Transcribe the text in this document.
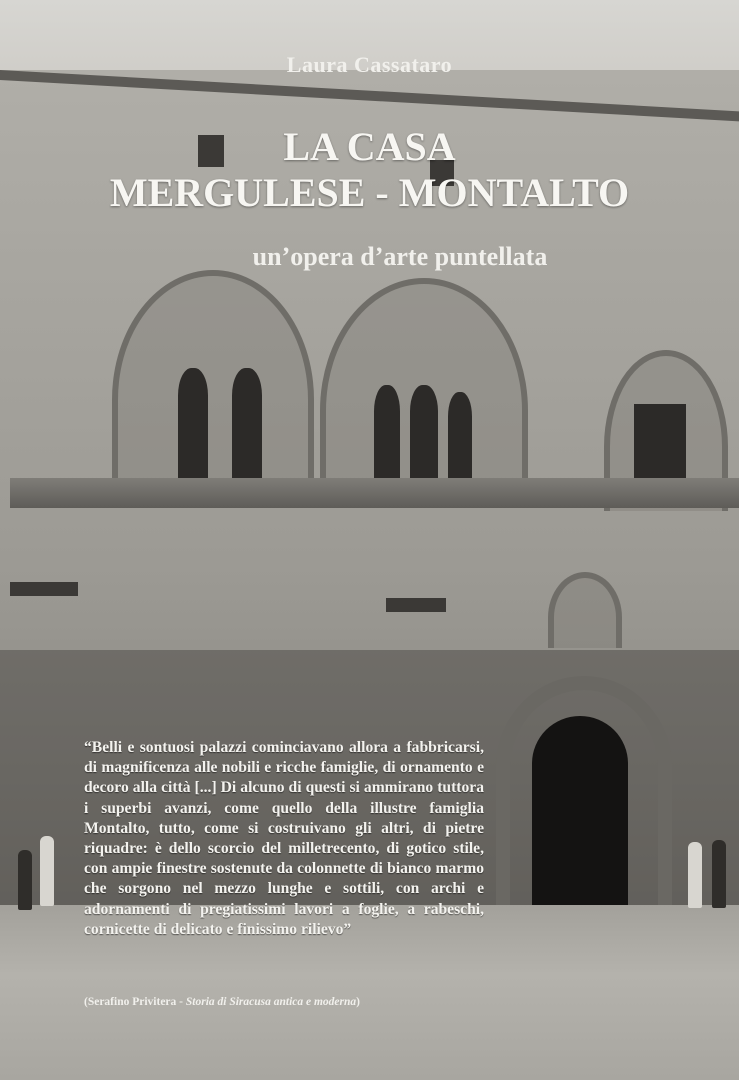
Laura Cassataro
LA CASA
MERGULESE - MONTALTO
un’opera d’arte puntellata

“Belli e sontuosi palazzi cominciavano allora a fabbricarsi, di magnificenza alle nobili e ricche famiglie, di ornamento e decoro alla città [...] Di alcuno di questi si ammirano tuttora i superbi avanzi, come quello della illustre famiglia Montalto, tutto, come si costruivano gli altri, di pietre riquadre: è dello scorcio del milletrecento, di gotico stile, con ampie finestre sostenute da colonnette di bianco marmo che sorgono nel mezzo lunghe e sottili, con archi e adornamenti di pregiatissimi lavori a foglie, a rabeschi, cornicette di delicato e finissimo rilievo”

(Serafino Privitera - Storia di Siracusa antica e moderna)
